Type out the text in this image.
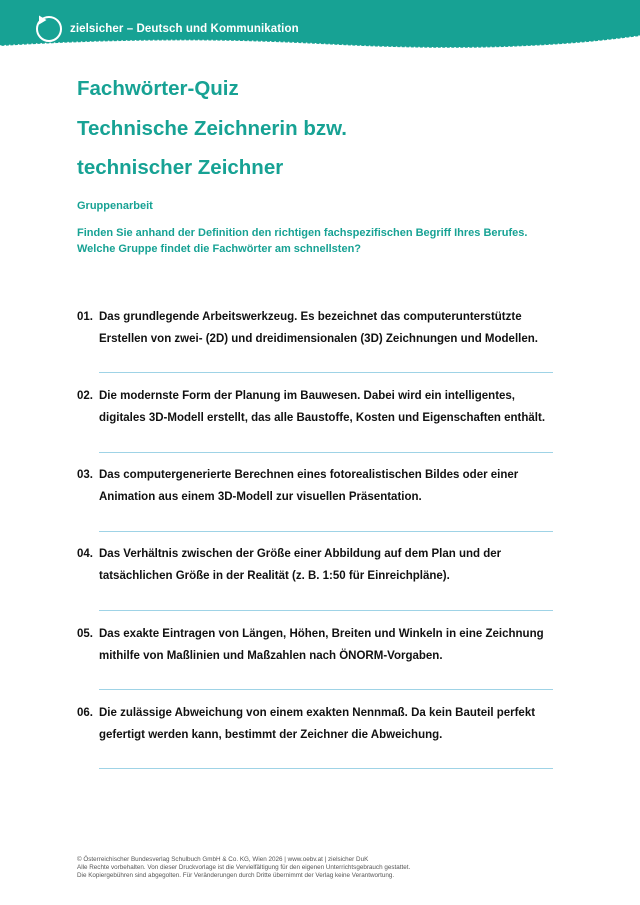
zielsicher – Deutsch und Kommunikation
Fachwörter-Quiz
Technische Zeichnerin bzw.
technischer Zeichner
Gruppenarbeit
Finden Sie anhand der Definition den richtigen fachspezifischen Begriff Ihres Berufes.
Welche Gruppe findet die Fachwörter am schnellsten?
01. Das grundlegende Arbeitswerkzeug. Es bezeichnet das computerunterstützte
Erstellen von zwei- (2D) und dreidimensionalen (3D) Zeichnungen und Modellen.
02. Die modernste Form der Planung im Bauwesen. Dabei wird ein intelligentes,
digitales 3D-Modell erstellt, das alle Baustoffe, Kosten und Eigenschaften enthält.
03. Das computergenerierte Berechnen eines fotorealistischen Bildes oder einer
Animation aus einem 3D-Modell zur visuellen Präsentation.
04. Das Verhältnis zwischen der Größe einer Abbildung auf dem Plan und der
tatsächlichen Größe in der Realität (z. B. 1:50 für Einreichpläne).
05. Das exakte Eintragen von Längen, Höhen, Breiten und Winkeln in eine Zeichnung
mithilfe von Maßlinien und Maßzahlen nach ÖNORM-Vorgaben.
06. Die zulässige Abweichung von einem exakten Nennmaß. Da kein Bauteil perfekt
gefertigt werden kann, bestimmt der Zeichner die Abweichung.
© Österreichischer Bundesverlag Schulbuch GmbH & Co. KG, Wien 2026 | www.oebv.at | zielsicher DuK
Alle Rechte vorbehalten. Von dieser Druckvorlage ist die Vervielfältigung für den eigenen Unterrichtsgebrauch gestattet.
Die Kopiergebühren sind abgegolten. Für Veränderungen durch Dritte übernimmt der Verlag keine Verantwortung.
